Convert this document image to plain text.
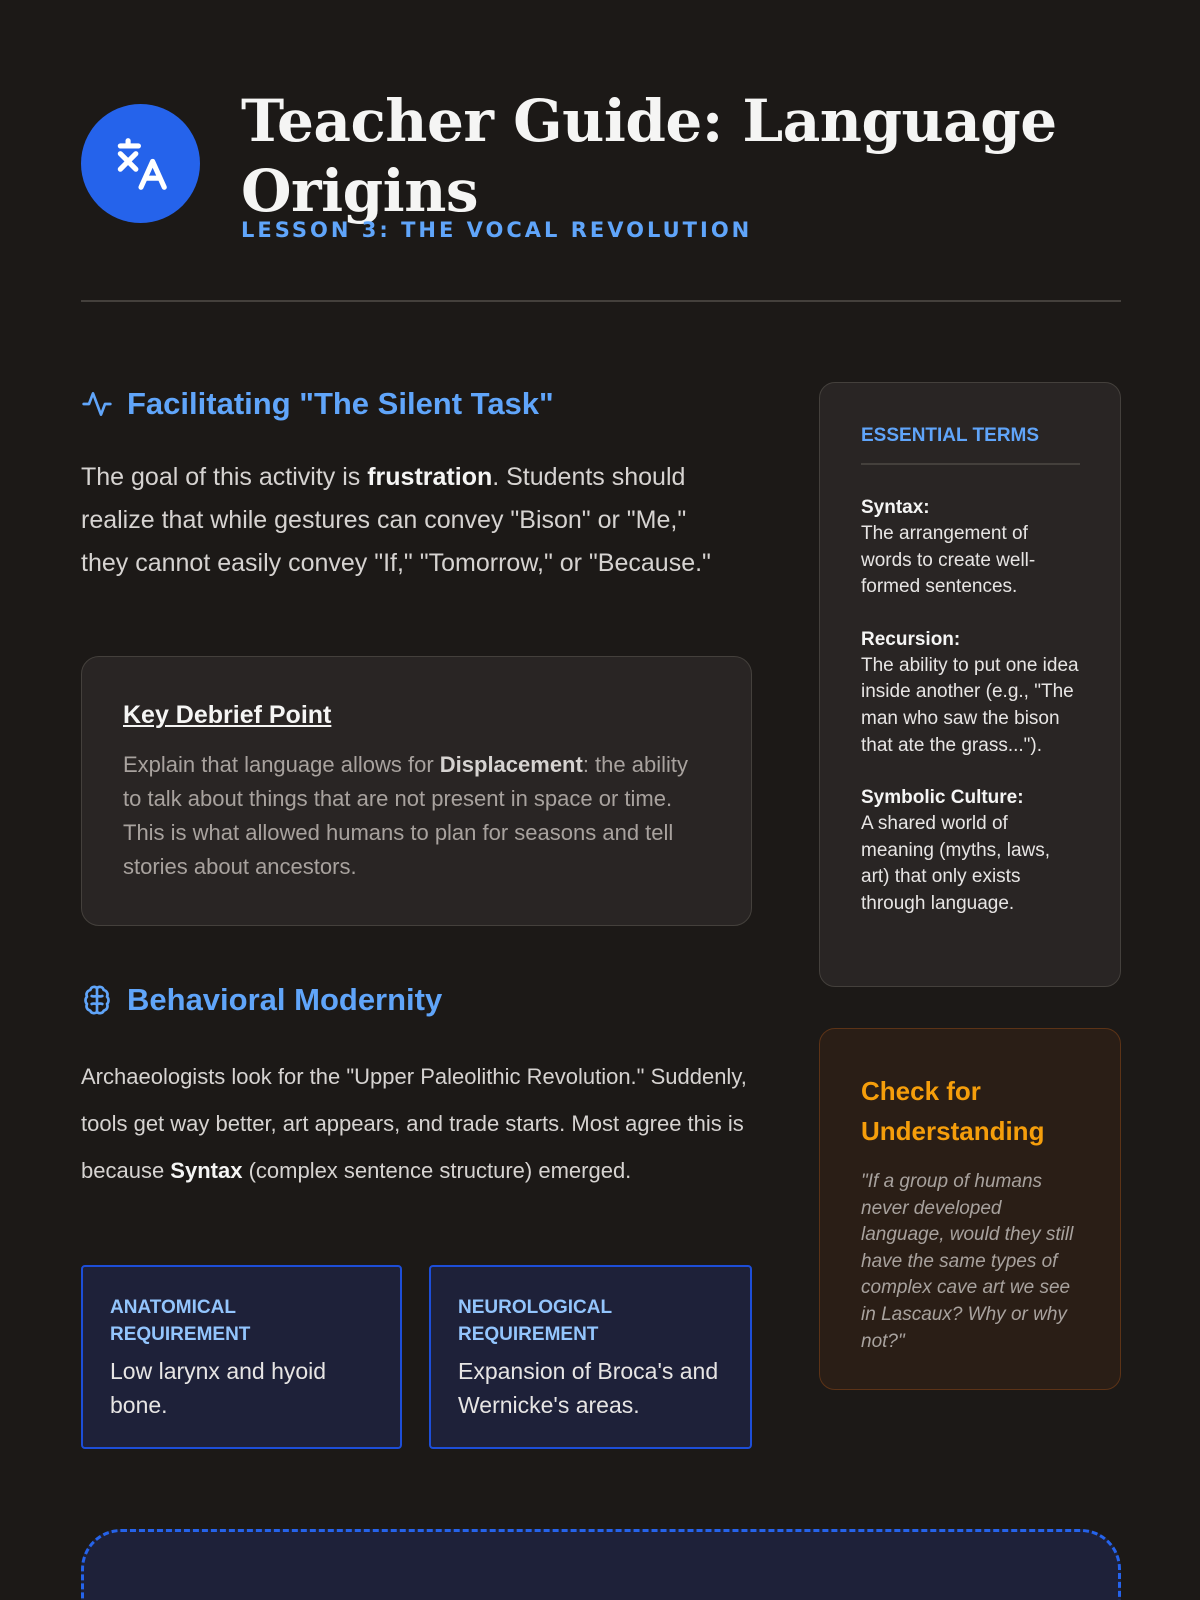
Teacher Guide: Language Origins
LESSON 3: THE VOCAL REVOLUTION
Facilitating "The Silent Task"

The goal of this activity is frustration. Students should realize that while gestures can convey "Bison" or "Me," they cannot easily convey "If," "Tomorrow," or "Because."

Key Debrief Point

Explain that language allows for Displacement: the ability to talk about things that are not present in space or time. This is what allowed humans to plan for seasons and tell stories about ancestors.

Behavioral Modernity

Archaeologists look for the "Upper Paleolithic Revolution." Suddenly, tools get way better, art appears, and trade starts. Most agree this is because Syntax (complex sentence structure) emerged.

ANATOMICAL REQUIREMENT
Low larynx and hyoid bone.
NEUROLOGICAL REQUIREMENT
Expansion of Broca's and Wernicke's areas.
ESSENTIAL TERMS
Syntax:
The arrangement of words to create well-formed sentences.
Recursion:
The ability to put one idea inside another (e.g., "The man who saw the bison that ate the grass...").
Symbolic Culture:
A shared world of meaning (myths, laws, art) that only exists through language.
Check for Understanding

"If a group of humans never developed language, would they still have the same types of complex cave art we see in Lascaux? Why or why not?"
